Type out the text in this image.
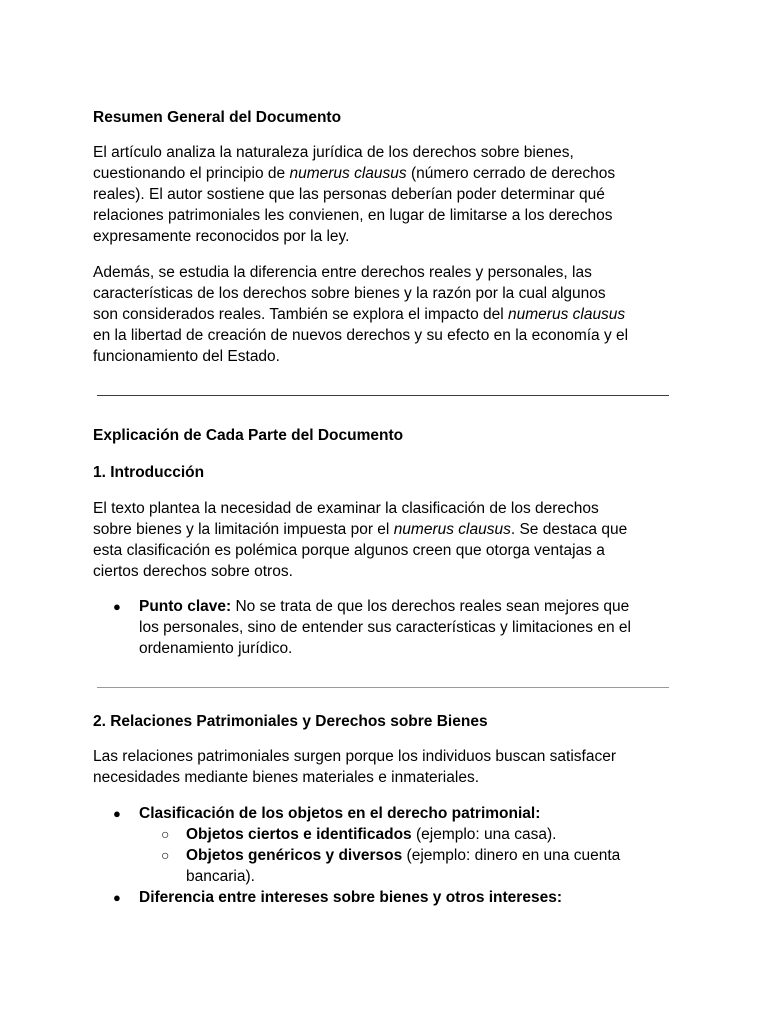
Resumen General del Documento

El artículo analiza la naturaleza jurídica de los derechos sobre bienes,
cuestionando el principio de numerus clausus (número cerrado de derechos
reales). El autor sostiene que las personas deberían poder determinar qué
relaciones patrimoniales les convienen, en lugar de limitarse a los derechos
expresamente reconocidos por la ley.

Además, se estudia la diferencia entre derechos reales y personales, las
características de los derechos sobre bienes y la razón por la cual algunos
son considerados reales. También se explora el impacto del numerus clausus
en la libertad de creación de nuevos derechos y su efecto en la economía y el
funcionamiento del Estado.

Explicación de Cada Parte del Documento
1. Introducción

El texto plantea la necesidad de examinar la clasificación de los derechos
sobre bienes y la limitación impuesta por el numerus clausus. Se destaca que
esta clasificación es polémica porque algunos creen que otorga ventajas a
ciertos derechos sobre otros.

● Punto clave: No se trata de que los derechos reales sean mejores que
los personales, sino de entender sus características y limitaciones en el
ordenamiento jurídico.

2. Relaciones Patrimoniales y Derechos sobre Bienes

Las relaciones patrimoniales surgen porque los individuos buscan satisfacer
necesidades mediante bienes materiales e inmateriales.

● Clasificación de los objetos en el derecho patrimonial:

○ Objetos ciertos e identificados (ejemplo: una casa).

○ Objetos genéricos y diversos (ejemplo: dinero en una cuenta
bancaria).

● Diferencia entre intereses sobre bienes y otros intereses:
